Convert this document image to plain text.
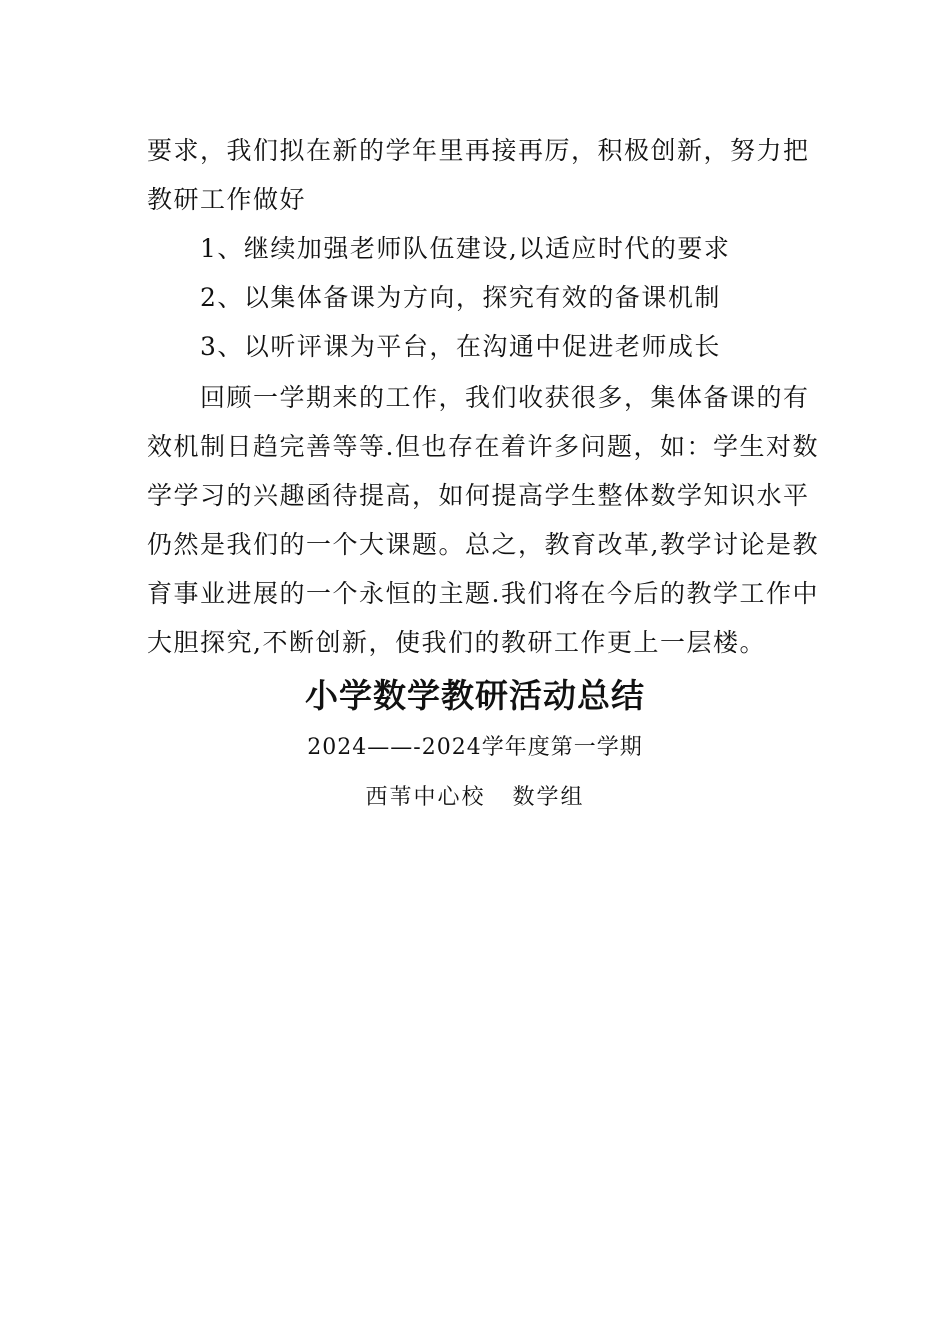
要求，我们拟在新的学年里再接再厉，积极创新，努力把
教研工作做好
1、继续加强老师队伍建设,以适应时代的要求
2、以集体备课为方向，探究有效的备课机制
3、以听评课为平台，在沟通中促进老师成长
回顾一学期来的工作，我们收获很多，集体备课的有
效机制日趋完善等等.但也存在着许多问题，如：学生对数
学学习的兴趣函待提高，如何提高学生整体数学知识水平
仍然是我们的一个大课题。总之，教育改革,教学讨论是教
育事业进展的一个永恒的主题.我们将在今后的教学工作中
大胆探究,不断创新，使我们的教研工作更上一层楼。
小学数学教研活动总结
2024——-2024学年度第一学期
西苇中心校   数学组
